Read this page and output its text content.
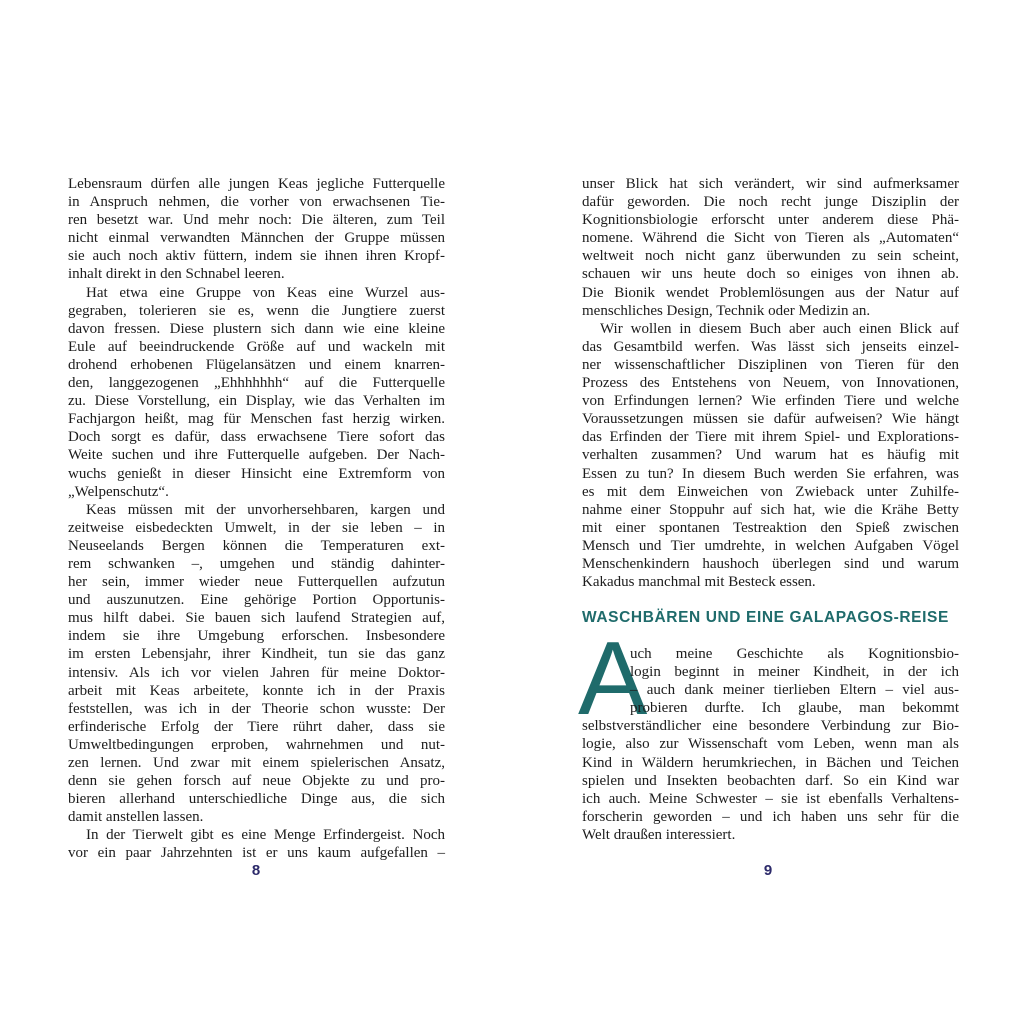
Lebensraum dürfen alle jungen Keas jegliche Futterquelle
in Anspruch nehmen, die vorher von erwachsenen Tie-
ren besetzt war. Und mehr noch: Die älteren, zum Teil
nicht einmal verwandten Männchen der Gruppe müssen
sie auch noch aktiv füttern, indem sie ihnen ihren Kropf-
inhalt direkt in den Schnabel leeren.
Hat etwa eine Gruppe von Keas eine Wurzel aus-
gegraben, tolerieren sie es, wenn die Jungtiere zuerst
davon fressen. Diese plustern sich dann wie eine kleine
Eule auf beeindruckende Größe auf und wackeln mit
drohend erhobenen Flügelansätzen und einem knarren-
den, langgezogenen „Ehhhhhhh“ auf die Futterquelle
zu. Diese Vorstellung, ein Display, wie das Verhalten im
Fachjargon heißt, mag für Menschen fast herzig wirken.
Doch sorgt es dafür, dass erwachsene Tiere sofort das
Weite suchen und ihre Futterquelle aufgeben. Der Nach-
wuchs genießt in dieser Hinsicht eine Extremform von
„Welpenschutz“.
Keas müssen mit der unvorhersehbaren, kargen und
zeitweise eisbedeckten Umwelt, in der sie leben – in
Neuseelands Bergen können die Temperaturen ext-
rem schwanken –, umgehen und ständig dahinter-
her sein, immer wieder neue Futterquellen aufzutun
und auszunutzen. Eine gehörige Portion Opportunis-
mus hilft dabei. Sie bauen sich laufend Strategien auf,
indem sie ihre Umgebung erforschen. Insbesondere
im ersten Lebensjahr, ihrer Kindheit, tun sie das ganz
intensiv. Als ich vor vielen Jahren für meine Doktor-
arbeit mit Keas arbeitete, konnte ich in der Praxis
feststellen, was ich in der Theorie schon wusste: Der
erfinderische Erfolg der Tiere rührt daher, dass sie
Umweltbedingungen erproben, wahrnehmen und nut-
zen lernen. Und zwar mit einem spielerischen Ansatz,
denn sie gehen forsch auf neue Objekte zu und pro-
bieren allerhand unterschiedliche Dinge aus, die sich
damit anstellen lassen.
In der Tierwelt gibt es eine Menge Erfindergeist. Noch
vor ein paar Jahrzehnten ist er uns kaum aufgefallen –
8
unser Blick hat sich verändert, wir sind aufmerksamer
dafür geworden. Die noch recht junge Disziplin der
Kognitionsbiologie erforscht unter anderem diese Phä-
nomene. Während die Sicht von Tieren als „Automaten“
weltweit noch nicht ganz überwunden zu sein scheint,
schauen wir uns heute doch so einiges von ihnen ab.
Die Bionik wendet Problemlösungen aus der Natur auf
menschliches Design, Technik oder Medizin an.
Wir wollen in diesem Buch aber auch einen Blick auf
das Gesamtbild werfen. Was lässt sich jenseits einzel-
ner wissenschaftlicher Disziplinen von Tieren für den
Prozess des Entstehens von Neuem, von Innovationen,
von Erfindungen lernen? Wie erfinden Tiere und welche
Voraussetzungen müssen sie dafür aufweisen? Wie hängt
das Erfinden der Tiere mit ihrem Spiel- und Explorations-
verhalten zusammen? Und warum hat es häufig mit
Essen zu tun? In diesem Buch werden Sie erfahren, was
es mit dem Einweichen von Zwieback unter Zuhilfe-
nahme einer Stoppuhr auf sich hat, wie die Krähe Betty
mit einer spontanen Testreaktion den Spieß zwischen
Mensch und Tier umdrehte, in welchen Aufgaben Vögel
Menschenkindern haushoch überlegen sind und warum
Kakadus manchmal mit Besteck essen.
WASCHBÄREN UND EINE GALAPAGOS-REISE
A
uch meine Geschichte als Kognitionsbio-
login beginnt in meiner Kindheit, in der ich
– auch dank meiner tierlieben Eltern – viel aus-
probieren durfte. Ich glaube, man bekommt
selbstverständlicher eine besondere Verbindung zur Bio-
logie, also zur Wissenschaft vom Leben, wenn man als
Kind in Wäldern herumkriechen, in Bächen und Teichen
spielen und Insekten beobachten darf. So ein Kind war
ich auch. Meine Schwester – sie ist ebenfalls Verhaltens-
forscherin geworden – und ich haben uns sehr für die
Welt draußen interessiert.
9
